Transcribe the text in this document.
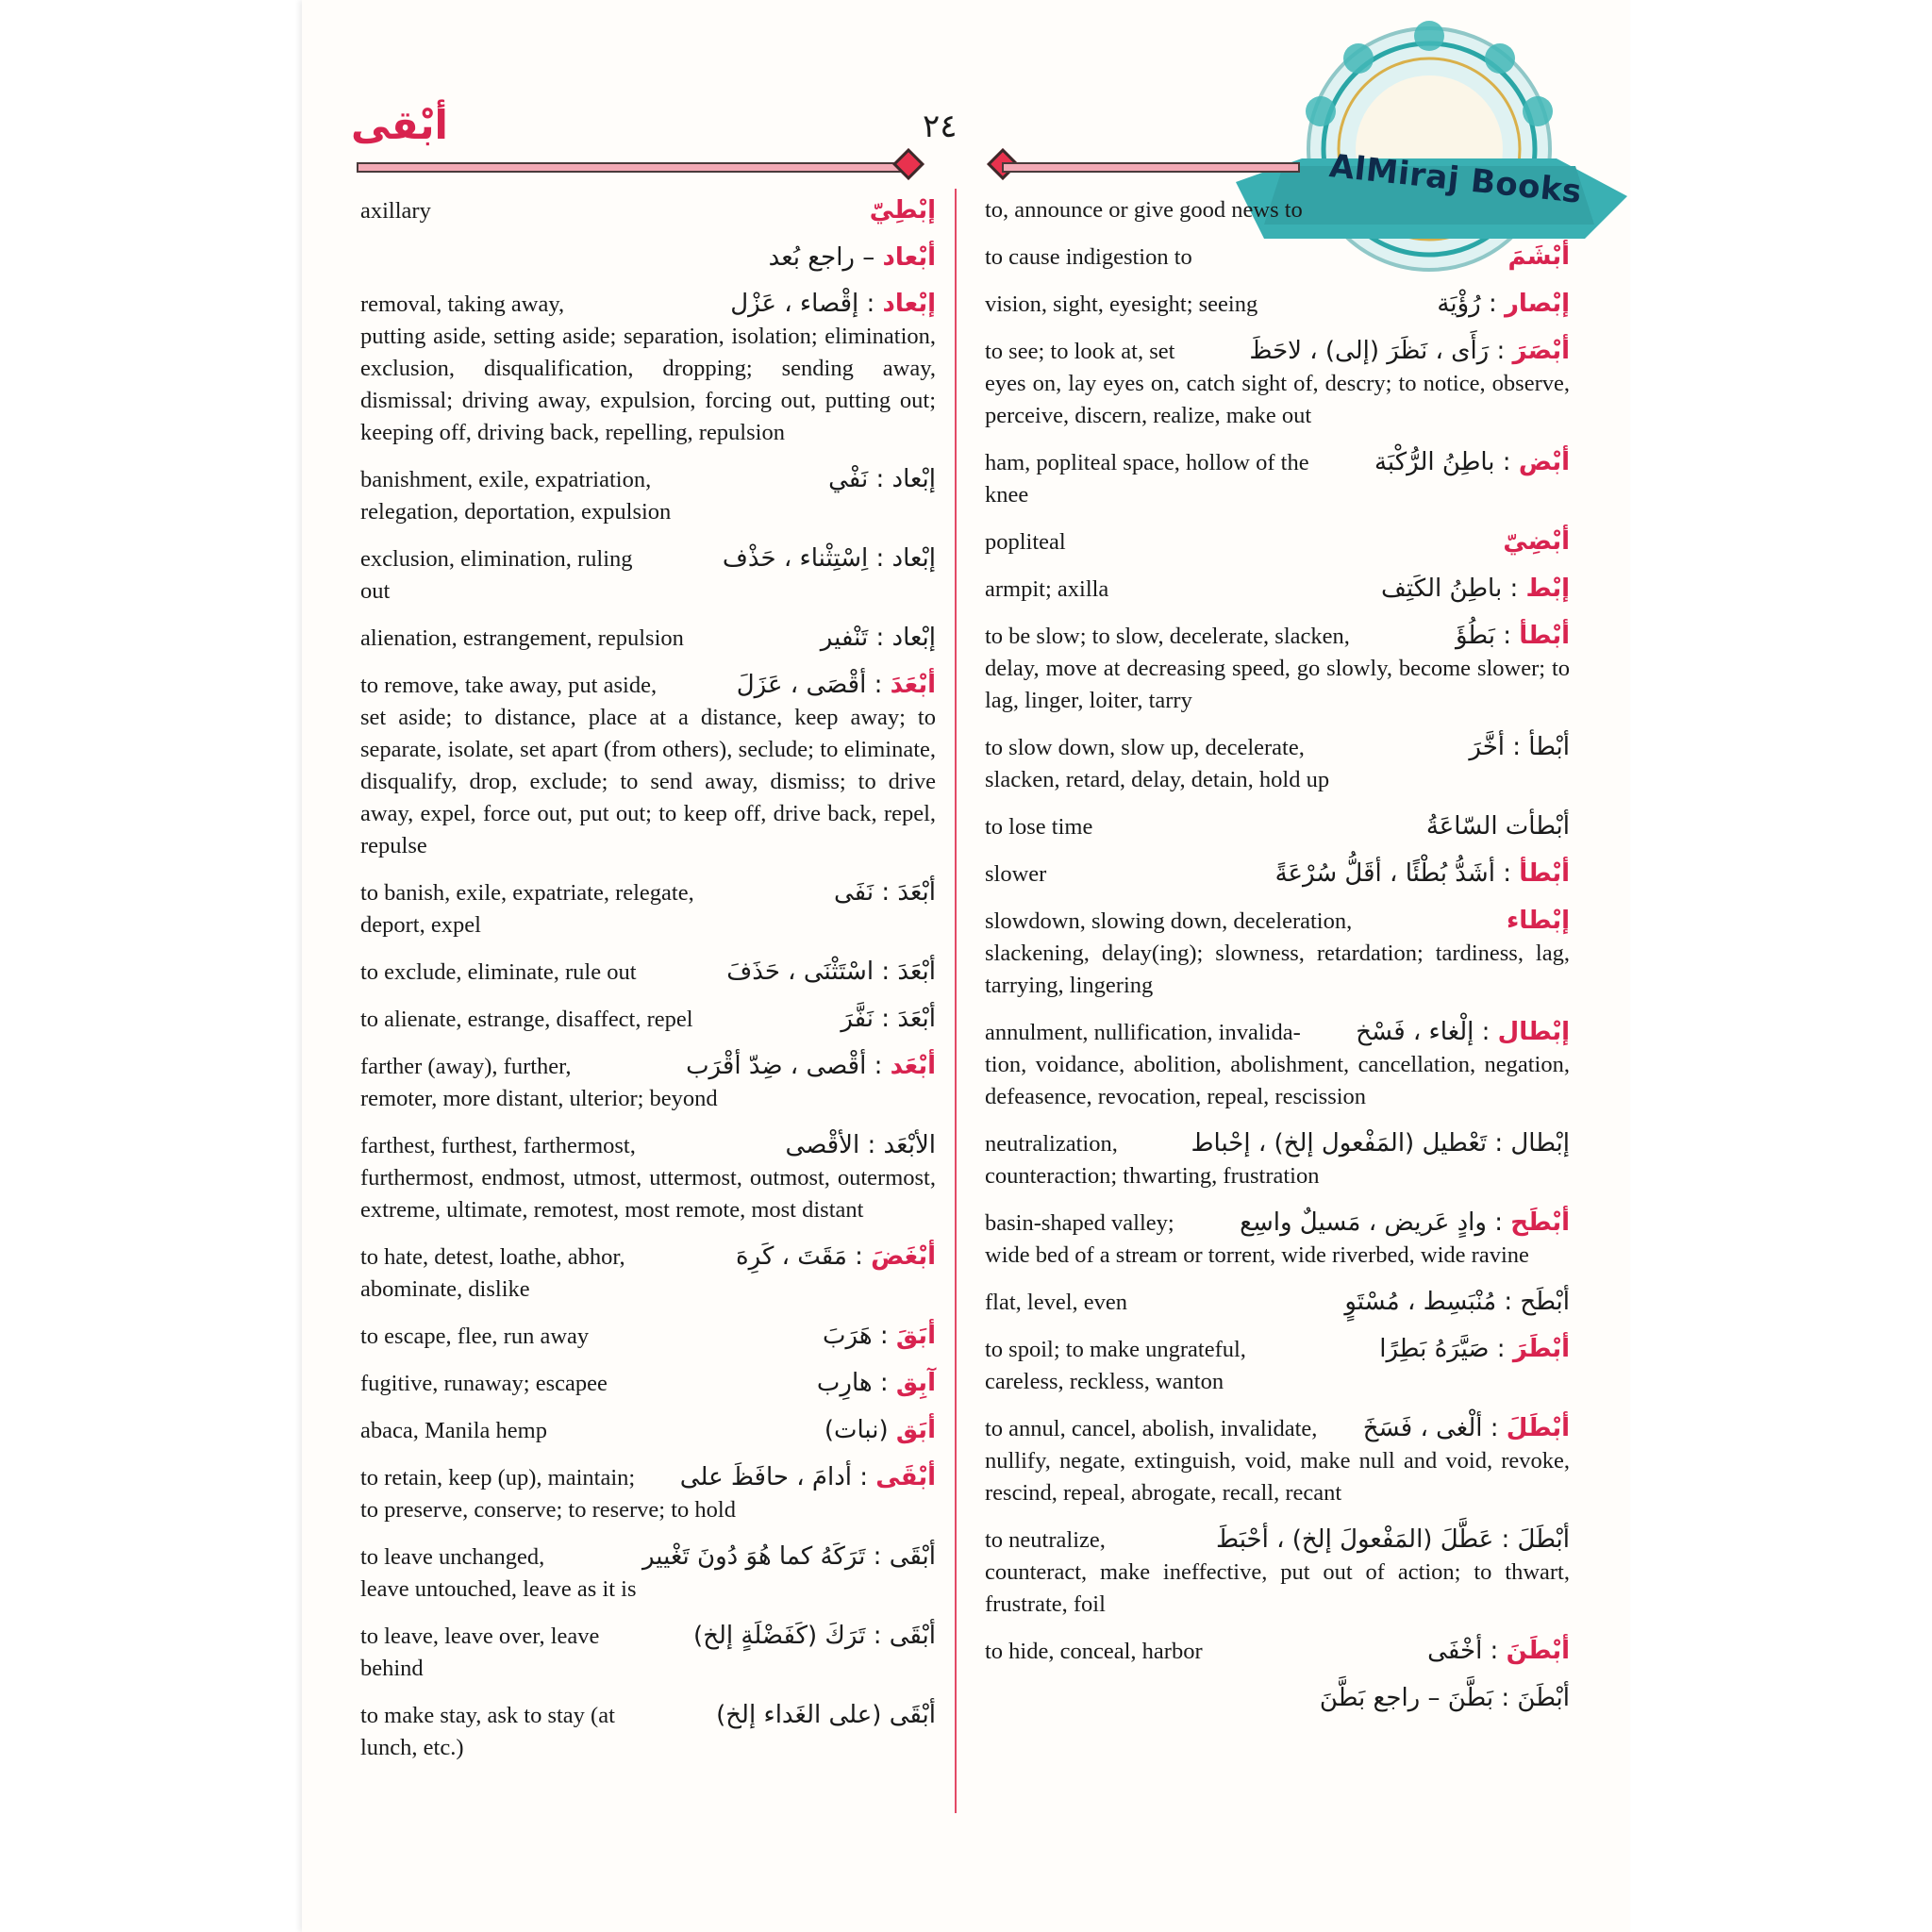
AlMiraj Books
أبْقى	٢٤
axillary	إبْطِيّ
أبْعاد – راجع بُعد
removal, taking away,	إبْعاد : إقْصاء ، عَزْل
putting aside, setting aside; separation, isolation; elimination, exclusion, disqualification, dropping; sending away, dismissal; driving away, expulsion, forcing out, putting out; keeping off, driving back, repelling, repulsion
banishment, exile, expatriation,	إبْعاد : نَفْي
relegation, deportation, expulsion
exclusion, elimination, ruling	إبْعاد : اِسْتِثْناء ، حَذْف
out
alienation, estrangement, repulsion	إبْعاد : تَنْفير
to remove, take away, put aside,	أبْعَدَ : أقْصَى ، عَزَلَ
set aside; to distance, place at a distance, keep away; to separate, isolate, set apart (from others), seclude; to eliminate, disqualify, drop, exclude; to send away, dismiss; to drive away, expel, force out, put out; to keep off, drive back, repel, repulse
to banish, exile, expatriate, relegate,	أبْعَدَ : نَفَى
deport, expel
to exclude, eliminate, rule out	أبْعَدَ : اسْتَثْنَى ، حَذَفَ
to alienate, estrange, disaffect, repel	أبْعَدَ : نَفَّرَ
farther (away), further,	أبْعَد : أقْصى ، ضِدّ أقْرَب
remoter, more distant, ulterior; beyond
farthest, furthest, farthermost,	الأبْعَد : الأقْصى
furthermost, endmost, utmost, uttermost, outmost, outermost, extreme, ultimate, remotest, most remote, most distant
to hate, detest, loathe, abhor,	أبْغَضَ : مَقَتَ ، كَرِهَ
abominate, dislike
to escape, flee, run away	أبَقَ : هَرَبَ
fugitive, runaway; escapee	آبِق : هارِب
abaca, Manila hemp	أبَق (نبات)
to retain, keep (up), maintain;	أبْقَى : أدامَ ، حافَظَ على
to preserve, conserve; to reserve; to hold
to leave unchanged,	أبْقَى : تَرَكَهُ كما هُوَ دُونَ تَغْيير
leave untouched, leave as it is
to leave, leave over, leave	أبْقَى : تَرَكَ (كَفَضْلَةٍ إلخ)
behind
to make stay, ask to stay (at	أبْقَى (على الغَداء إلخ)
lunch, etc.)
to, announce or give good news to
to cause indigestion to	أبْشَمَ
vision, sight, eyesight; seeing	إبْصار : رُؤْيَة
to see; to look at, set	أبْصَرَ : رَأَى ، نَظَرَ (إلى) ، لاحَظَ
eyes on, lay eyes on, catch sight of, descry; to notice, observe, perceive, discern, realize, make out
ham, popliteal space, hollow of the	أبْض : باطِنُ الرُّكْبَة
knee
popliteal	أبْضِيّ
armpit; axilla	إبْط : باطِنُ الكَتِف
to be slow; to slow, decelerate, slacken,	أبْطأ : بَطُؤَ
delay, move at decreasing speed, go slowly, become slower; to lag, linger, loiter, tarry
to slow down, slow up, decelerate,	أبْطأ : أخَّرَ
slacken, retard, delay, detain, hold up
to lose time	أبْطأت السّاعَةُ
slower	أبْطأ : أشَدُّ بُطْئًا ، أقَلُّ سُرْعَةً
slowdown, slowing down, deceleration,	إبْطاء
slackening, delay(ing); slowness, retardation; tardiness, lag, tarrying, lingering
annulment, nullification, invalida-	إبْطال : إلْغاء ، فَسْخ
tion, voidance, abolition, abolishment, cancellation, negation, defeasence, revocation, repeal, rescission
neutralization,	إبْطال : تَعْطيل (المَفْعول إلخ) ، إحْباط
counteraction; thwarting, frustration
basin-shaped valley;	أبْطَح : وادٍ عَريض ، مَسيلٌ واسِع
wide bed of a stream or torrent, wide riverbed, wide ravine
flat, level, even	أبْطَح : مُنْبَسِط ، مُسْتَوٍ
to spoil; to make ungrateful,	أبْطَرَ : صَيَّرَهُ بَطِرًا
careless, reckless, wanton
to annul, cancel, abolish, invalidate,	أبْطَلَ : ألْغى ، فَسَخَ
nullify, negate, extinguish, void, make null and void, revoke, rescind, repeal, abrogate, recall, recant
to neutralize,	أبْطَلَ : عَطَّلَ (المَفْعولَ إلخ) ، أحْبَطَ
counteract, make ineffective, put out of action; to thwart, frustrate, foil
to hide, conceal, harbor	أبْطَنَ : أخْفَى
أبْطَنَ : بَطَّنَ – راجع بَطَّنَ
